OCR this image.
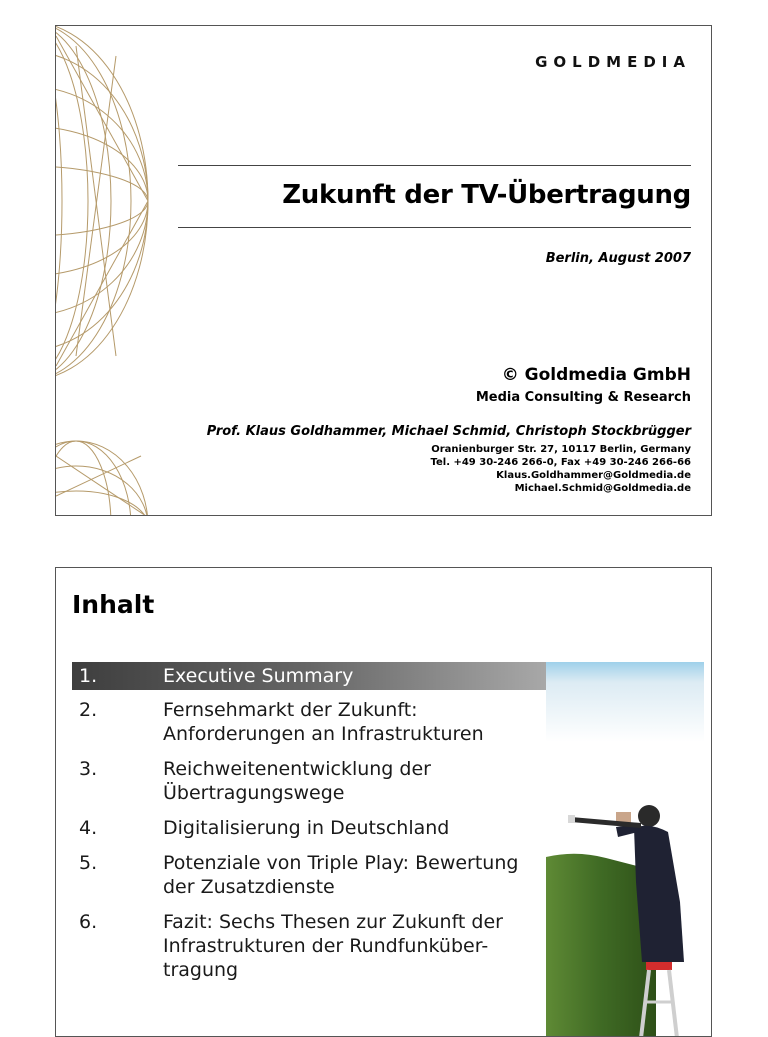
GOLDMEDIA
Zukunft der TV-Übertragung
Berlin, August 2007
© Goldmedia GmbH
Media Consulting & Research
Prof. Klaus Goldhammer, Michael Schmid, Christoph Stockbrügger
Oranienburger Str. 27, 10117 Berlin, Germany
Tel. +49 30-246 266-0, Fax +49 30-246 266-66
Klaus.Goldhammer@Goldmedia.de
Michael.Schmid@Goldmedia.de
Inhalt
1.	Executive Summary
2.	Fernsehmarkt der Zukunft: Anforderungen an Infrastrukturen
3.	Reichweitenentwicklung der Übertragungswege
4.	Digitalisierung in Deutschland
5.	Potenziale von Triple Play: Bewertung der Zusatzdienste
6.	Fazit: Sechs Thesen zur Zukunft der Infrastrukturen der Rundfunküber-tragung
